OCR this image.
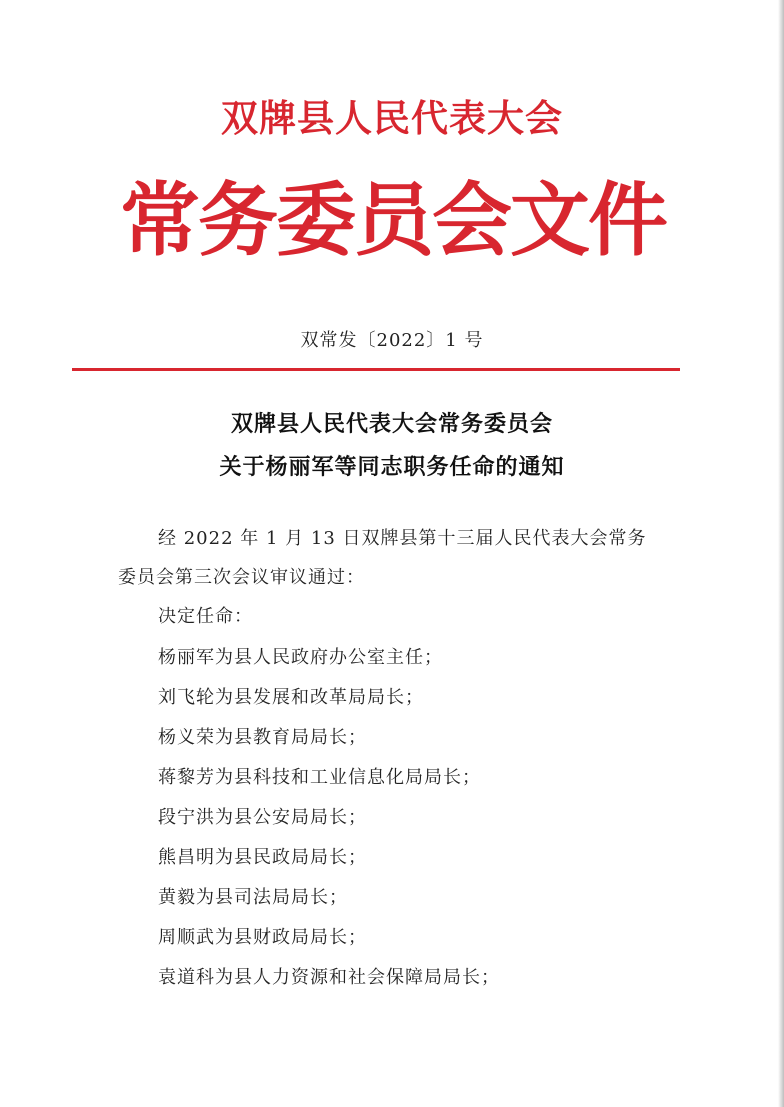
双牌县人民代表大会
常
务
委
员
会
文
件
双常发〔2022〕1 号
双牌县人民代表大会常务委员会
关于杨丽军等同志职务任命的通知
经 2022 年 1 月 13 日双牌县第十三届人民代表大会常务
委员会第三次会议审议通过：
决定任命：
杨丽军为县人民政府办公室主任；
刘飞轮为县发展和改革局局长；
杨义荣为县教育局局长；
蒋黎芳为县科技和工业信息化局局长；
段宁洪为县公安局局长；
熊昌明为县民政局局长；
黄毅为县司法局局长；
周顺武为县财政局局长；
袁道科为县人力资源和社会保障局局长；
